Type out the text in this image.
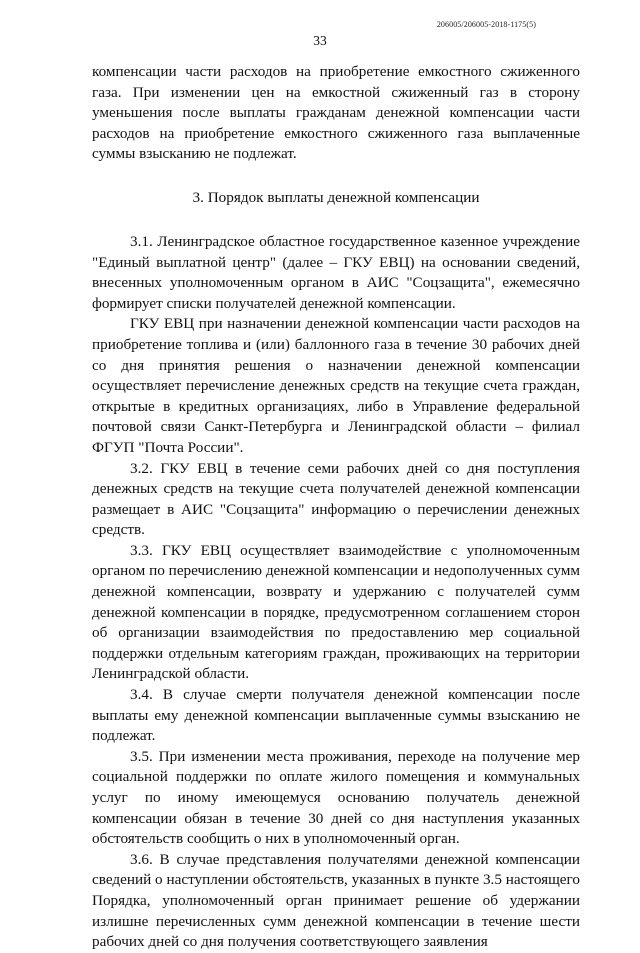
206005/206005-2018-1175(5)
33

компенсации части расходов на приобретение емкостного сжиженного газа. При изменении цен на емкостной сжиженный газ в сторону уменьшения после выплаты гражданам денежной компенсации части расходов на приобретение емкостного сжиженного газа выплаченные суммы взысканию не подлежат.

3. Порядок выплаты денежной компенсации

3.1. Ленинградское областное государственное казенное учреждение "Единый выплатной центр" (далее – ГКУ ЕВЦ) на основании сведений, внесенных уполномоченным органом в АИС "Соцзащита", ежемесячно формирует списки получателей денежной компенсации.

ГКУ ЕВЦ при назначении денежной компенсации части расходов на приобретение топлива и (или) баллонного газа в течение 30 рабочих дней со дня принятия решения о назначении денежной компенсации осуществляет перечисление денежных средств на текущие счета граждан, открытые в кредитных организациях, либо в Управление федеральной почтовой связи Санкт-Петербурга и Ленинградской области – филиал ФГУП "Почта России".

3.2. ГКУ ЕВЦ в течение семи рабочих дней со дня поступления денежных средств на текущие счета получателей денежной компенсации размещает в АИС "Соцзащита" информацию о перечислении денежных средств.

3.3. ГКУ ЕВЦ осуществляет взаимодействие с уполномоченным органом по перечислению денежной компенсации и недополученных сумм денежной компенсации, возврату и удержанию с получателей сумм денежной компенсации в порядке, предусмотренном соглашением сторон об организации взаимодействия по предоставлению мер социальной поддержки отдельным категориям граждан, проживающих на территории Ленинградской области.

3.4. В случае смерти получателя денежной компенсации после выплаты ему денежной компенсации выплаченные суммы взысканию не подлежат.

3.5. При изменении места проживания, переходе на получение мер социальной поддержки по оплате жилого помещения и коммунальных услуг по иному имеющемуся основанию получатель денежной компенсации обязан в течение 30 дней со дня наступления указанных обстоятельств сообщить о них в уполномоченный орган.

3.6. В случае представления получателями денежной компенсации сведений о наступлении обстоятельств, указанных в пункте 3.5 настоящего Порядка, уполномоченный орган принимает решение об удержании излишне перечисленных сумм денежной компенсации в течение шести рабочих дней со дня получения соответствующего заявления
